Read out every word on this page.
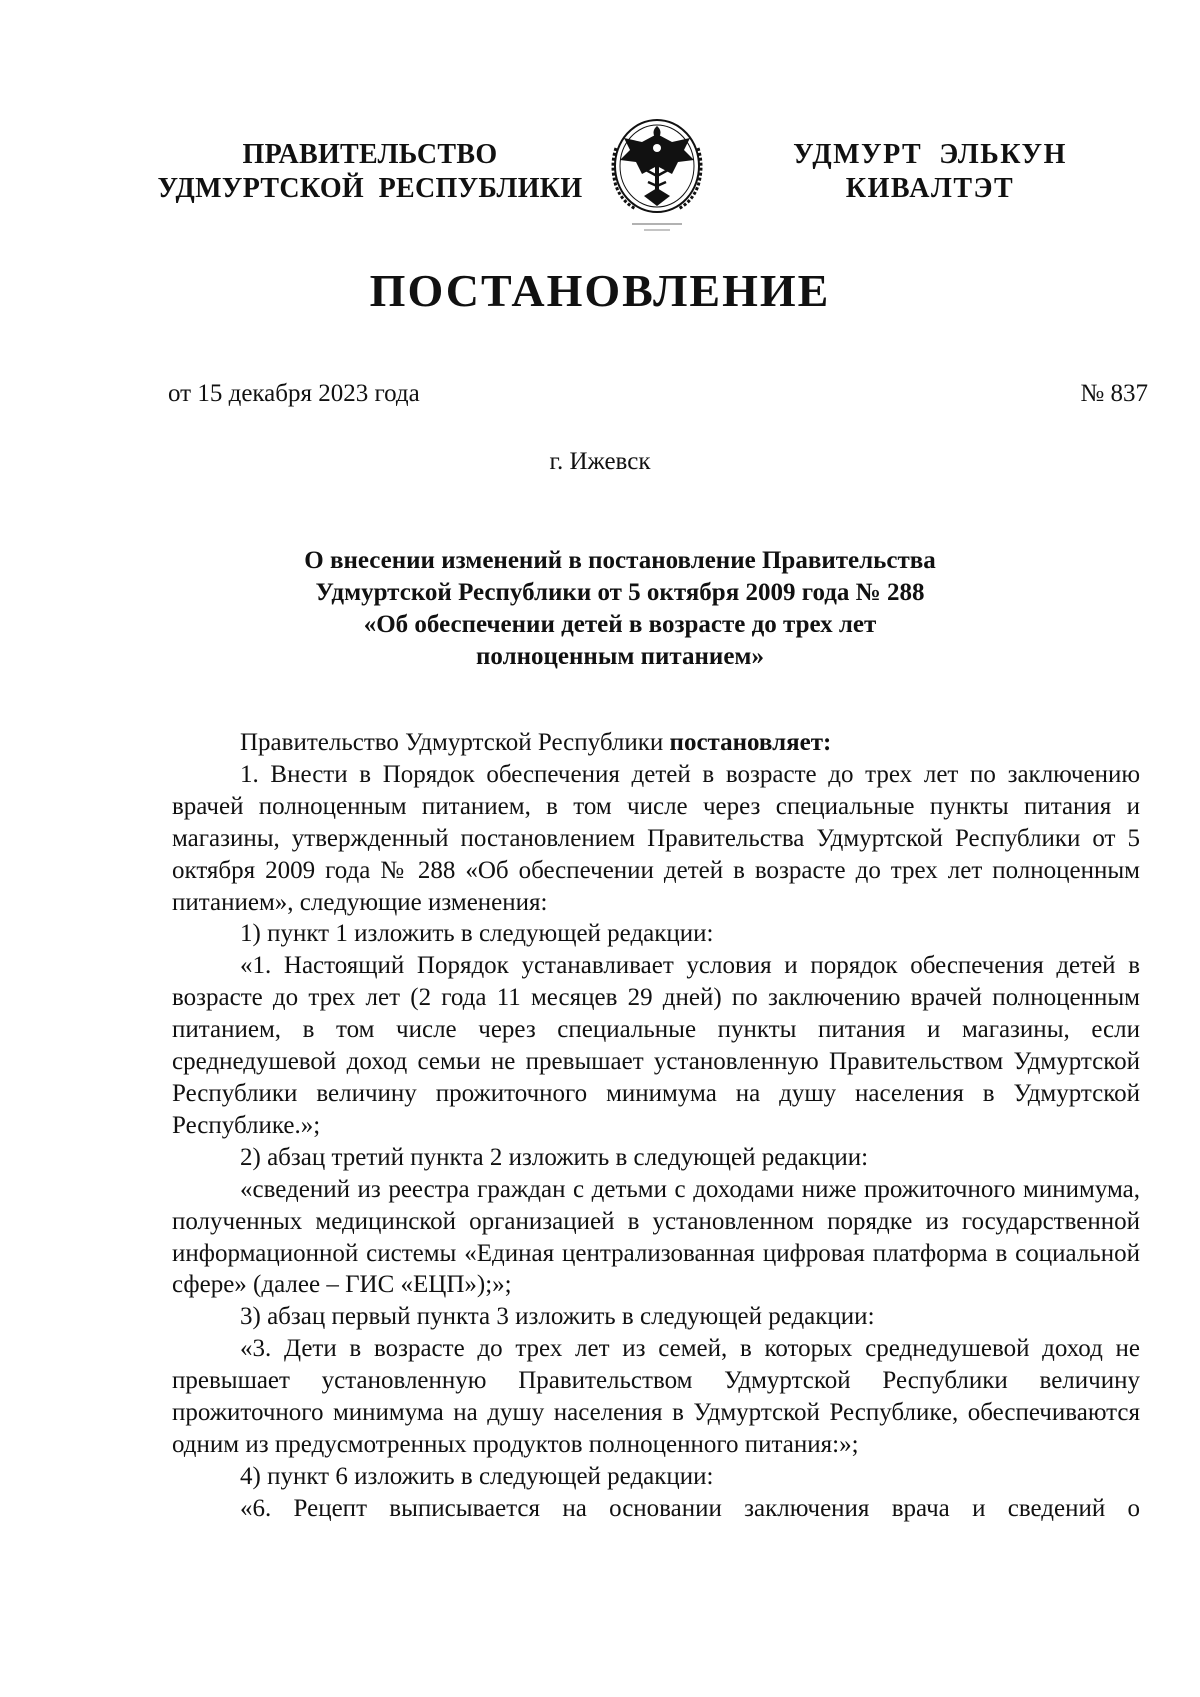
ПРАВИТЕЛЬСТВО
УДМУРТСКОЙ  РЕСПУБЛИКИ
УДМУРТ  ЭЛЬКУН
КИВАЛТЭТ
ПОСТАНОВЛЕНИЕ
от 15 декабря 2023 года	№ 837
г. Ижевск
О внесении изменений в постановление Правительства
Удмуртской Республики от 5 октября 2009 года № 288
«Об обеспечении детей в возрасте до трех лет
полноценным питанием»

Правительство Удмуртской Республики постановляет:

1. Внести в Порядок обеспечения детей в возрасте до трех лет по заключению врачей полноценным питанием, в том числе через специальные пункты питания и магазины, утвержденный постановлением Правительства Удмуртской Республики от 5 октября 2009 года № 288 «Об обеспечении детей в возрасте до трех лет полноценным питанием», следующие изменения:

1) пункт 1 изложить в следующей редакции:

«1. Настоящий Порядок устанавливает условия и порядок обеспечения детей в возрасте до трех лет (2 года 11 месяцев 29 дней) по заключению врачей полноценным питанием, в том числе через специальные пункты питания и магазины, если среднедушевой доход семьи не превышает установленную Правительством Удмуртской Республики величину прожиточного минимума на душу населения в Удмуртской Республике.»;

2) абзац третий пункта 2 изложить в следующей редакции:

«сведений из реестра граждан с детьми с доходами ниже прожиточного минимума, полученных медицинской организацией в установленном порядке из государственной информационной системы «Единая централизованная цифровая платформа в социальной сфере» (далее – ГИС «ЕЦП»);»;

3) абзац первый пункта 3 изложить в следующей редакции:

«3. Дети в возрасте до трех лет из семей, в которых среднедушевой доход не превышает установленную Правительством Удмуртской Республики величину прожиточного минимума на душу населения в Удмуртской Республике, обеспечиваются одним из предусмотренных продуктов полноценного питания:»;

4) пункт 6 изложить в следующей редакции:

«6. Рецепт выписывается на основании заключения врача и сведений о
